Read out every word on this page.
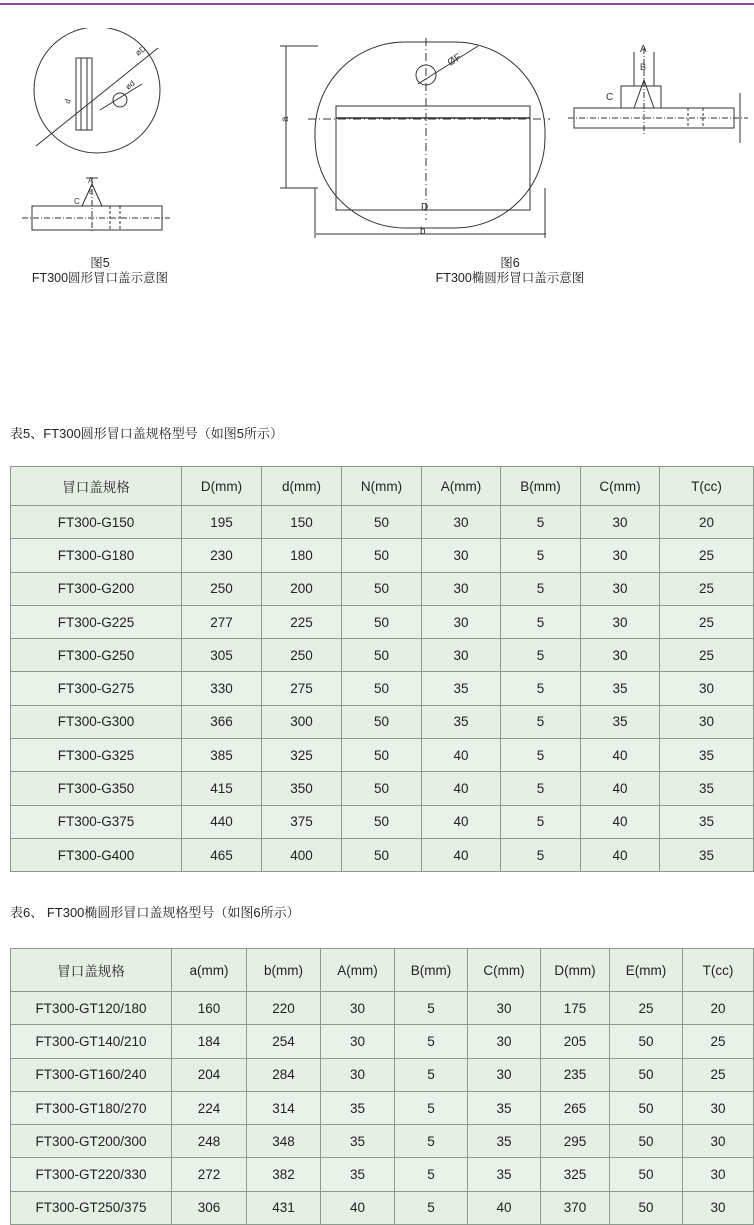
øD
ød
d
A
B
C
图5
FT300圆形冒口盖示意图
ØF
a
D
b
A
B
C
图6
FT300椭圆形冒口盖示意图
表5、FT300圆形冒口盖规格型号（如图5所示）
冒口盖规格	D(mm)	d(mm)	N(mm)	A(mm)	B(mm)	C(mm)	T(cc)
FT300-G150	195	150	50	30	5	30	20
FT300-G180	230	180	50	30	5	30	25
FT300-G200	250	200	50	30	5	30	25
FT300-G225	277	225	50	30	5	30	25
FT300-G250	305	250	50	30	5	30	25
FT300-G275	330	275	50	35	5	35	30
FT300-G300	366	300	50	35	5	35	30
FT300-G325	385	325	50	40	5	40	35
FT300-G350	415	350	50	40	5	40	35
FT300-G375	440	375	50	40	5	40	35
FT300-G400	465	400	50	40	5	40	35
表6、 FT300椭圆形冒口盖规格型号（如图6所示）
冒口盖规格	a(mm)	b(mm)	A(mm)	B(mm)	C(mm)	D(mm)	E(mm)	T(cc)
FT300-GT120/180	160	220	30	5	30	175	25	20
FT300-GT140/210	184	254	30	5	30	205	50	25
FT300-GT160/240	204	284	30	5	30	235	50	25
FT300-GT180/270	224	314	35	5	35	265	50	30
FT300-GT200/300	248	348	35	5	35	295	50	30
FT300-GT220/330	272	382	35	5	35	325	50	30
FT300-GT250/375	306	431	40	5	40	370	50	30
